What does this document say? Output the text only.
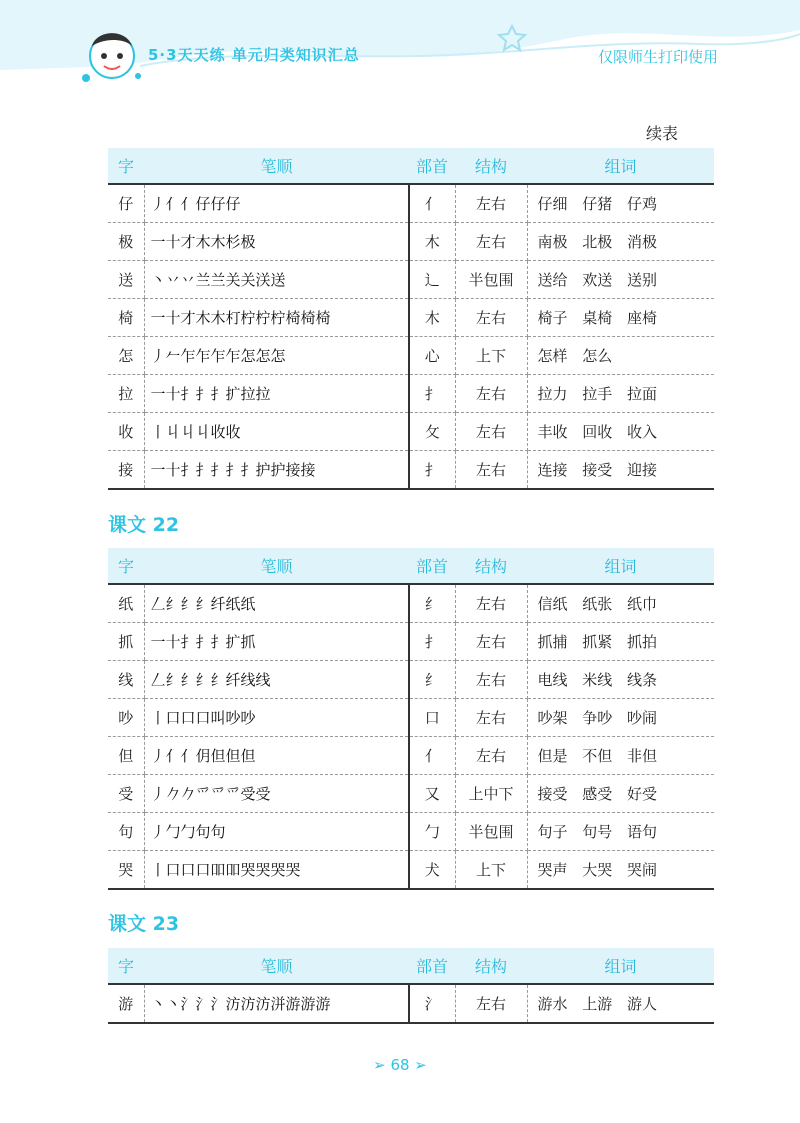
5·3天天练 单元归类知识汇总	仅限师生打印使用
续表
字	笔顺	部首	结构	组词
仔	丿亻亻仔仔仔	亻	左右	仔细 仔猪 仔鸡
极	一十才木木杉极	木	左右	南极 北极 消极
送	丶丷丷兰兰关关浂送	辶	半包围	送给 欢送 送别
椅	一十才木木朾柠柠柠椅椅椅	木	左右	椅子 桌椅 座椅
怎	丿𠂉乍乍乍乍怎怎怎	心	上下	怎样 怎么
拉	一十扌扌扌扩拉拉	扌	左右	拉力 拉手 拉面
收	丨丩丩丩收收	攵	左右	丰收 回收 收入
接	一十扌扌扌扌扌护护接接	扌	左右	连接 接受 迎接
课文 22
字	笔顺	部首	结构	组词
纸	𠃋纟纟纟纤纸纸	纟	左右	信纸 纸张 纸巾
抓	一十扌扌扌扩抓	扌	左右	抓捕 抓紧 抓拍
线	𠃋纟纟纟纟纤线线	纟	左右	电线 米线 线条
吵	丨口口口叫吵吵	口	左右	吵架 争吵 吵闹
但	丿亻亻仴但但但	亻	左右	但是 不但 非但
受	丿𠂊𠂊爫爫爫受受	又	上中下	接受 感受 好受
句	丿勹勹句句	勹	半包围	句子 句号 语句
哭	丨口口口吅吅哭哭哭哭	犬	上下	哭声 大哭 哭闹
课文 23
字	笔顺	部首	结构	组词
游	丶丶氵氵氵汸汸汸洴游游游	氵	左右	游水 上游 游人
➢ 68 ➢
